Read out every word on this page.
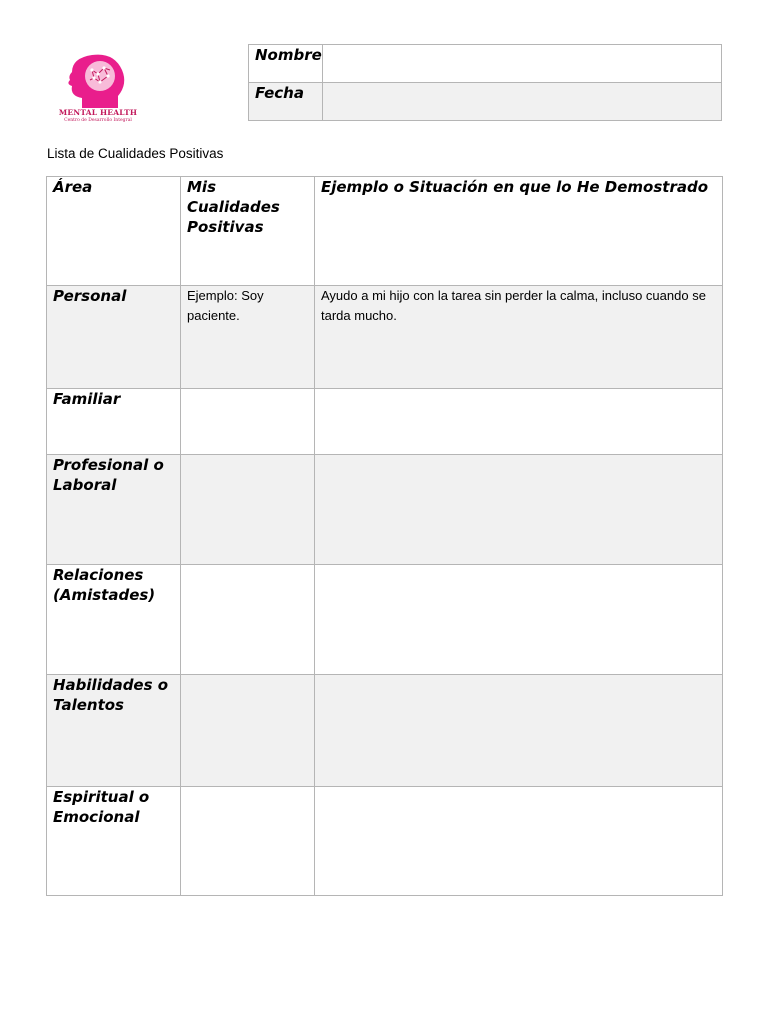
MENTAL HEALTH
Centro de Desarrollo Integral
Nombre	
Fecha	
Lista de Cualidades Positivas
Área	Mis Cualidades Positivas	Ejemplo o Situación en que lo He Demostrado
Personal	Ejemplo: Soy paciente.	Ayudo a mi hijo con la tarea sin perder la calma, incluso cuando se tarda mucho.
Familiar		
Profesional o Laboral		
Relaciones (Amistades)		
Habilidades o Talentos		
Espiritual o Emocional		
